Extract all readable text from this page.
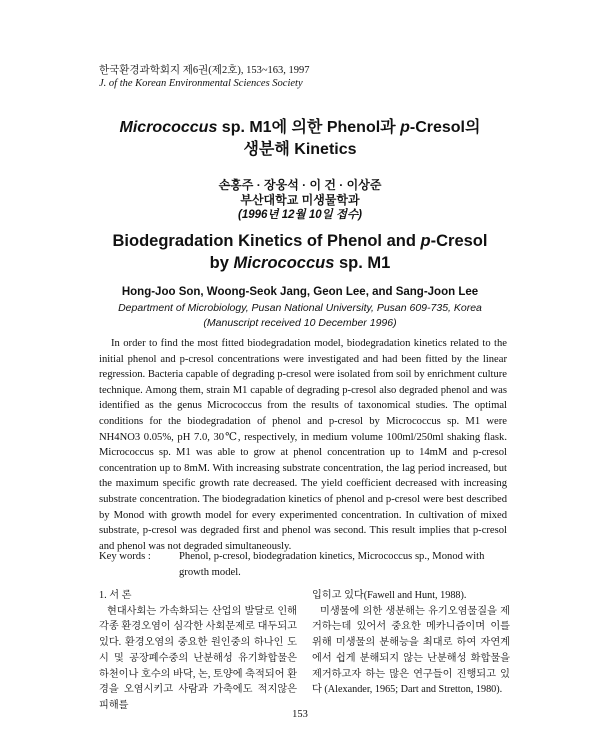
한국환경과학회지 제6권(제2호), 153~163, 1997
J. of the Korean Environmental Sciences Society
Micrococcus sp. M1에 의한 Phenol과 p-Cresol의
생분해 Kinetics
손홍주 · 장웅석 · 이 건 · 이상준
부산대학교 미생물학과
(1996년 12월 10일 접수)
Biodegradation Kinetics of Phenol and p-Cresol
by Micrococcus sp. M1
Hong-Joo Son, Woong-Seok Jang, Geon Lee, and Sang-Joon Lee
Department of Microbiology, Pusan National University, Pusan 609-735, Korea
(Manuscript received 10 December 1996)

In order to find the most fitted biodegradation model, biodegradation kinetics related to the initial phenol and p-cresol concentrations were investigated and had been fitted by the linear regression. Bacteria capable of degrading p-cresol were isolated from soil by enrichment culture technique. Among them, strain M1 capable of degrading p-cresol also degraded phenol and was identified as the genus Micrococcus from the results of taxonomical studies. The optimal conditions for the biodegradation of phenol and p-cresol by Micrococcus sp. M1 were NH4NO3 0.05%, pH 7.0, 30℃, respectively, in medium volume 100ml/250ml shaking flask. Micrococcus sp. M1 was able to grow at phenol concentration up to 14mM and p-cresol concentration up to 8mM. With increasing substrate concentration, the lag period increased, but the maximum specific growth rate decreased. The yield coefficient decreased with increasing substrate concentration. The biodegradation kinetics of phenol and p-cresol were best described by Monod with growth model for every experimented concentration. In cultivation of mixed substrate, p-cresol was degraded first and phenol was second. This result implies that p-cresol and phenol was not degraded simultaneously.

Key words :	Phenol, p-cresol, biodegradation kinetics, Micrococcus sp., Monod with
growth model.
1. 서 론

현대사회는 가속화되는 산업의 발달로 인해 각종 환경오염이 심각한 사회문제로 대두되고 있다. 환경오염의 중요한 원인중의 하나인 도시 및 공장폐수중의 난분해성 유기화합물은 하천이나 호수의 바닥, 논, 토양에 축적되어 환경을 오염시키고 사람과 가축에도 적지않은 피해를

입히고 있다(Fawell and Hunt, 1988).

미생물에 의한 생분해는 유기오염물질을 제거하는데 있어서 중요한 메카니즘이며 이를 위해 미생물의 분해능을 최대로 하여 자연계에서 쉽게 분해되지 않는 난분해성 화합물을 제거하고자 하는 많은 연구들이 진행되고 있다 (Alexander, 1965; Dart and Stretton, 1980).

153
